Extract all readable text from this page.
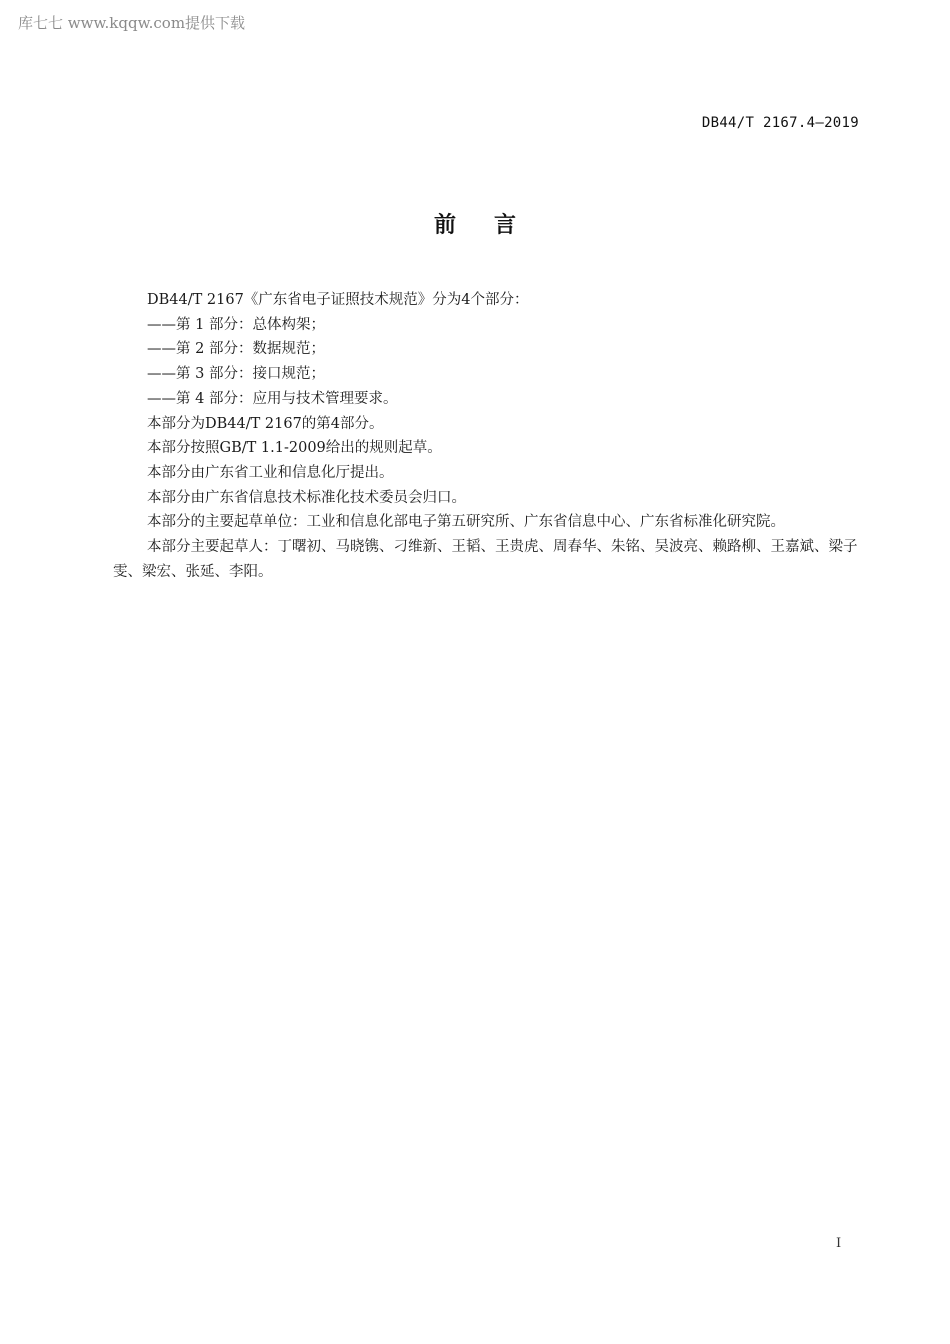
库七七 www.kqqw.com提供下载
DB44/T 2167.4—2019
前言

DB44/T 2167《广东省电子证照技术规范》分为4个部分：

——第 1 部分：总体构架；

——第 2 部分：数据规范；

——第 3 部分：接口规范；

——第 4 部分：应用与技术管理要求。

本部分为DB44/T 2167的第4部分。

本部分按照GB/T 1.1-2009给出的规则起草。

本部分由广东省工业和信息化厅提出。

本部分由广东省信息技术标准化技术委员会归口。

本部分的主要起草单位：工业和信息化部电子第五研究所、广东省信息中心、广东省标准化研究院。

本部分主要起草人：丁曙初、马晓镌、刁维新、王韬、王贵虎、周春华、朱铭、吴波亮、赖路柳、王嘉斌、梁子雯、梁宏、张延、李阳。

I
